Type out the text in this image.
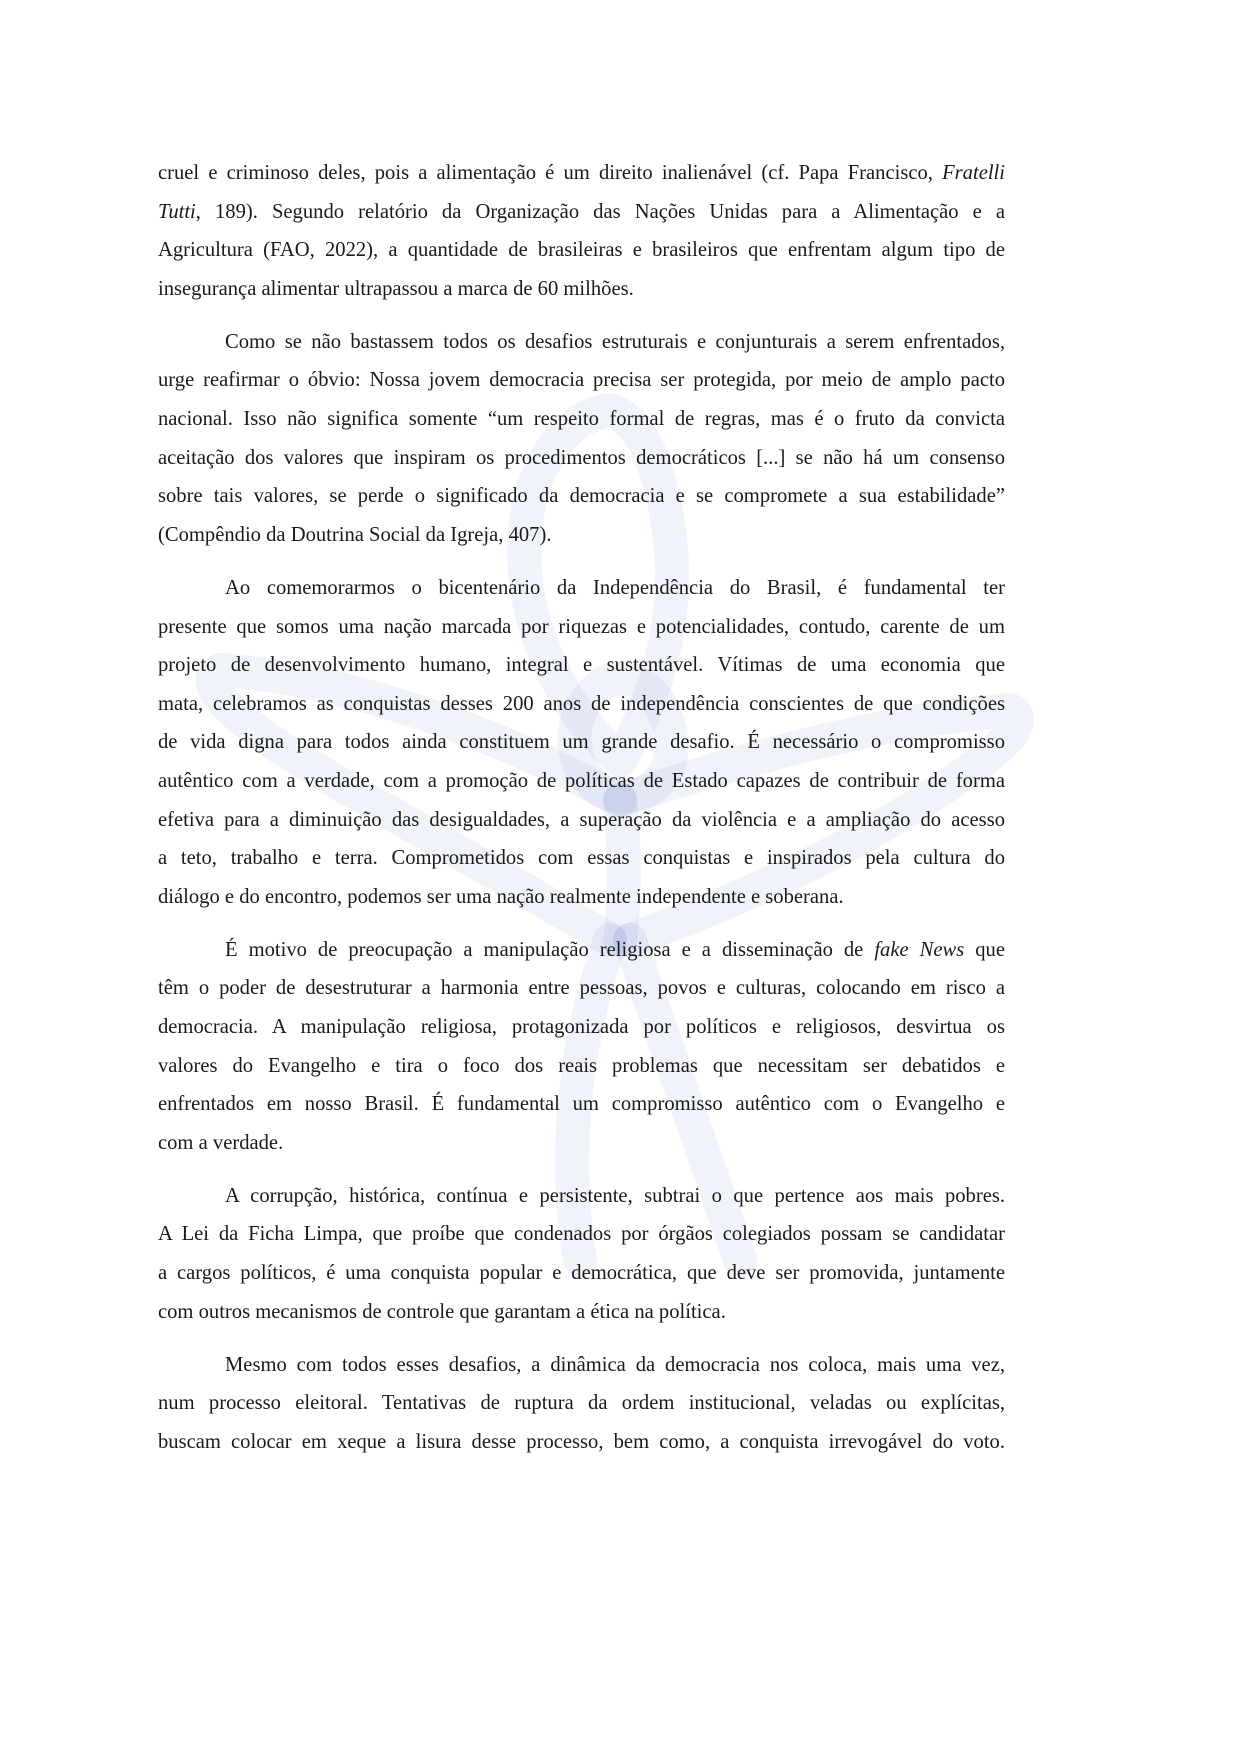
cruel e criminoso deles, pois a alimentação é um direito inalienável (cf. Papa Francisco, Fratelli
Tutti, 189). Segundo relatório da Organização das Nações Unidas para a Alimentação e a
Agricultura (FAO, 2022), a quantidade de brasileiras e brasileiros que enfrentam algum tipo de
insegurança alimentar ultrapassou a marca de 60 milhões.
Como se não bastassem todos os desafios estruturais e conjunturais a serem enfrentados,
urge reafirmar o óbvio: Nossa jovem democracia precisa ser protegida, por meio de amplo pacto
nacional. Isso não significa somente “um respeito formal de regras, mas é o fruto da convicta
aceitação dos valores que inspiram os procedimentos democráticos [...] se não há um consenso
sobre tais valores, se perde o significado da democracia e se compromete a sua estabilidade”
(Compêndio da Doutrina Social da Igreja, 407).
Ao comemorarmos o bicentenário da Independência do Brasil, é fundamental ter
presente que somos uma nação marcada por riquezas e potencialidades, contudo, carente de um
projeto de desenvolvimento humano, integral e sustentável. Vítimas de uma economia que
mata, celebramos as conquistas desses 200 anos de independência conscientes de que condições
de vida digna para todos ainda constituem um grande desafio. É necessário o compromisso
autêntico com a verdade, com a promoção de políticas de Estado capazes de contribuir de forma
efetiva para a diminuição das desigualdades, a superação da violência e a ampliação do acesso
a teto, trabalho e terra. Comprometidos com essas conquistas e inspirados pela cultura do
diálogo e do encontro, podemos ser uma nação realmente independente e soberana.
É motivo de preocupação a manipulação religiosa e a disseminação de fake News que
têm o poder de desestruturar a harmonia entre pessoas, povos e culturas, colocando em risco a
democracia. A manipulação religiosa, protagonizada por políticos e religiosos, desvirtua os
valores do Evangelho e tira o foco dos reais problemas que necessitam ser debatidos e
enfrentados em nosso Brasil. É fundamental um compromisso autêntico com o Evangelho e
com a verdade.
A corrupção, histórica, contínua e persistente, subtrai o que pertence aos mais pobres.
A Lei da Ficha Limpa, que proíbe que condenados por órgãos colegiados possam se candidatar
a cargos políticos, é uma conquista popular e democrática, que deve ser promovida, juntamente
com outros mecanismos de controle que garantam a ética na política.
Mesmo com todos esses desafios, a dinâmica da democracia nos coloca, mais uma vez,
num processo eleitoral. Tentativas de ruptura da ordem institucional, veladas ou explícitas,
buscam colocar em xeque a lisura desse processo, bem como, a conquista irrevogável do voto.
